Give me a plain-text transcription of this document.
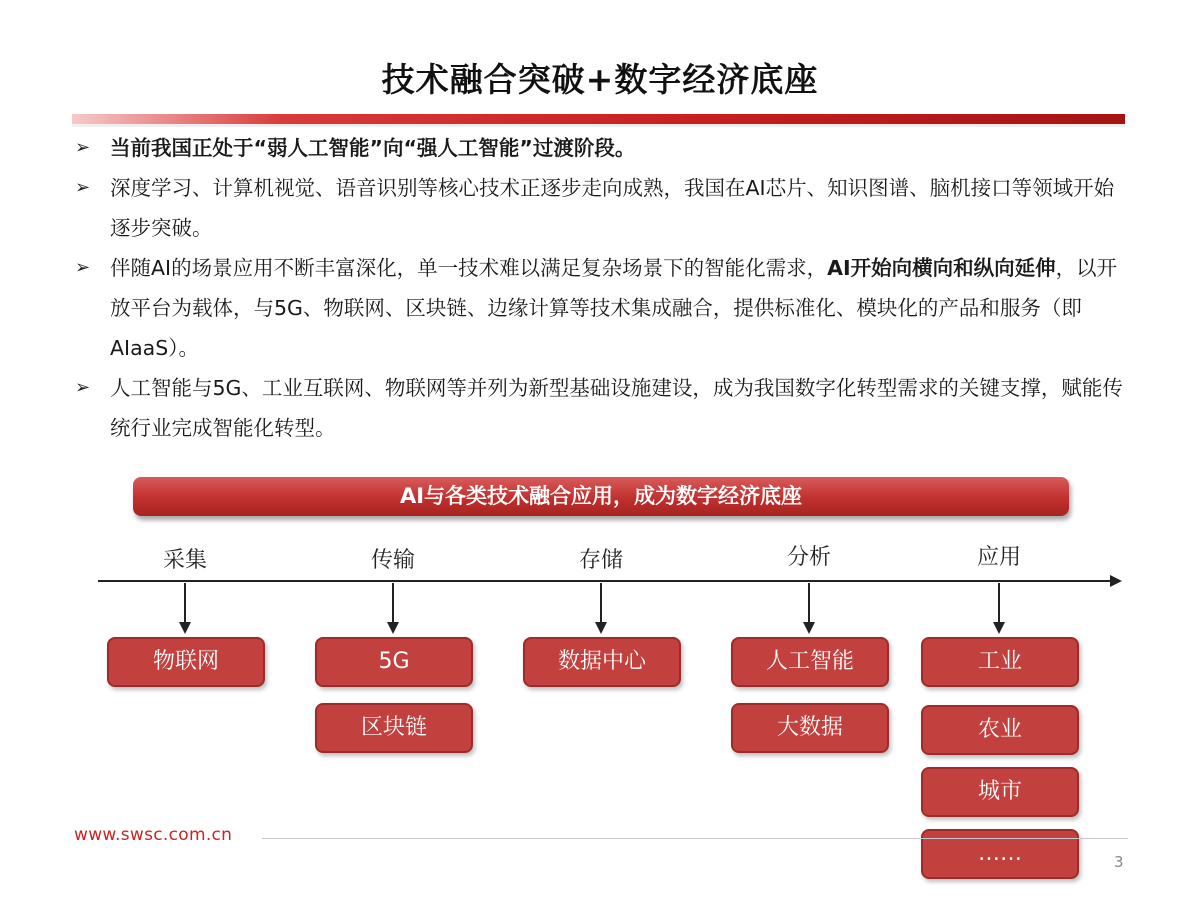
技术融合突破+数字经济底座
➢ 当前我国正处于“弱人工智能”向“强人工智能”过渡阶段。
➢ 深度学习、计算机视觉、语音识别等核心技术正逐步走向成熟，我国在AI芯片、知识图谱、脑机接口等领域开始逐步突破。
➢ 伴随AI的场景应用不断丰富深化，单一技术难以满足复杂场景下的智能化需求，AI开始向横向和纵向延伸，以开放平台为载体，与5G、物联网、区块链、边缘计算等技术集成融合，提供标准化、模块化的产品和服务（即AIaaS）。
➢ 人工智能与5G、工业互联网、物联网等并列为新型基础设施建设，成为我国数字化转型需求的关键支撑，赋能传统行业完成智能化转型。
AI与各类技术融合应用，成为数字经济底座
采集
物联网
传输
5G
区块链
存储
数据中心
分析
人工智能
大数据
应用
工业
农业
城市
……
www.swsc.com.cn
3
